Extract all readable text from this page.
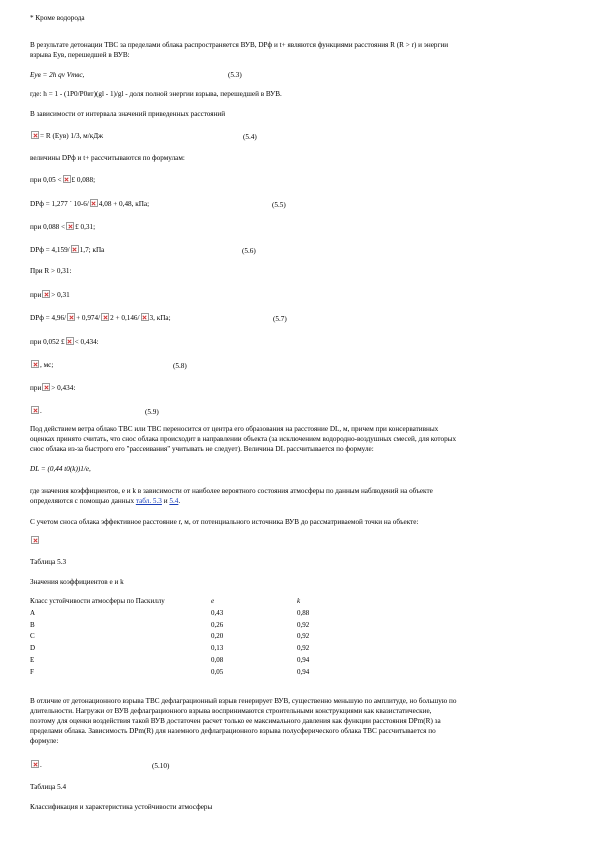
* Кроме водорода
В результате детонации ТВС за пределами облака распространяется ВУВ, DPф и t+ являются функциями расстояния R (R > r) и энергии
взрыва Eув, перешедшей в ВУВ:
Eув = 2h qv Vтвс,	(5.3)
где: h = 1 - (1P0/P0вт)(gl - 1)/gl - доля полной энергии взрыва, перешедшей в ВУВ.
В зависимости от интервала значений приведенных расстояний
= R (Eув) 1/3, м/кДж	(5.4)
величины DPф и t+ рассчитываются по формулам:
при 0,05 < £ 0,088;
DPф = 1,277 ´ 10-6/ 4,08 + 0,48, кПа;	(5.5)
при 0,088 < £ 0,31;
DPф = 4,159/ 1,7; кПа	(5.6)
При R > 0,31:
при > 0,31
DPф = 4,96/ + 0,974/ 2 + 0,146/ 3, кПа;	(5.7)
при 0,052 £ < 0,434:
, мс;	(5.8)
при > 0,434:
.	(5.9)
Под действием ветра облако ТВС или ТВС переносится от центра его образования на расстояние DL, м, причем при консервативных
оценках принято считать, что снос облака происходит в направлении объекта (за исключением водородно-воздушных смесей, для которых
снос облака из-за быстрого его "рассеивания" учитывать не следует). Величина DL рассчитывается по формуле:
DL = (0,44 t0(k))1/e,
где значения коэффициентов, e и k в зависимости от наиболее вероятного состояния атмосферы по данным наблюдений на объекте
определяются с помощью данных табл. 5.3 и 5.4.
С учетом сноса облака эффективное расстояние r, м, от потенциального источника ВУВ до рассматриваемой точки на объекте:
Таблица 5.3
Значения коэффициентов e и k
Класс устойчивости атмосферы по Паскиллу	e	k
A	0,43	0,88
B	0,26	0,92
C	0,20	0,92
D	0,13	0,92
E	0,08	0,94
F	0,05	0,94
В отличие от детонационного взрыва ТВС дефлаграционный взрыв генерирует ВУВ, существенно меньшую по амплитуде, но большую по
длительности. Нагрузки от ВУВ дефлаграционного взрыва воспринимаются строительными конструкциями как квазистатические,
поэтому для оценки воздействия такой ВУВ достаточен расчет только ее максимального давления как функции расстояния DPm(R) за
пределами облака. Зависимость DPm(R) для наземного дефлаграционного взрыва полусферического облака ТВС рассчитывается по
формуле:
.	(5.10)
Таблица 5.4
Классификация и характеристика устойчивости атмосферы
